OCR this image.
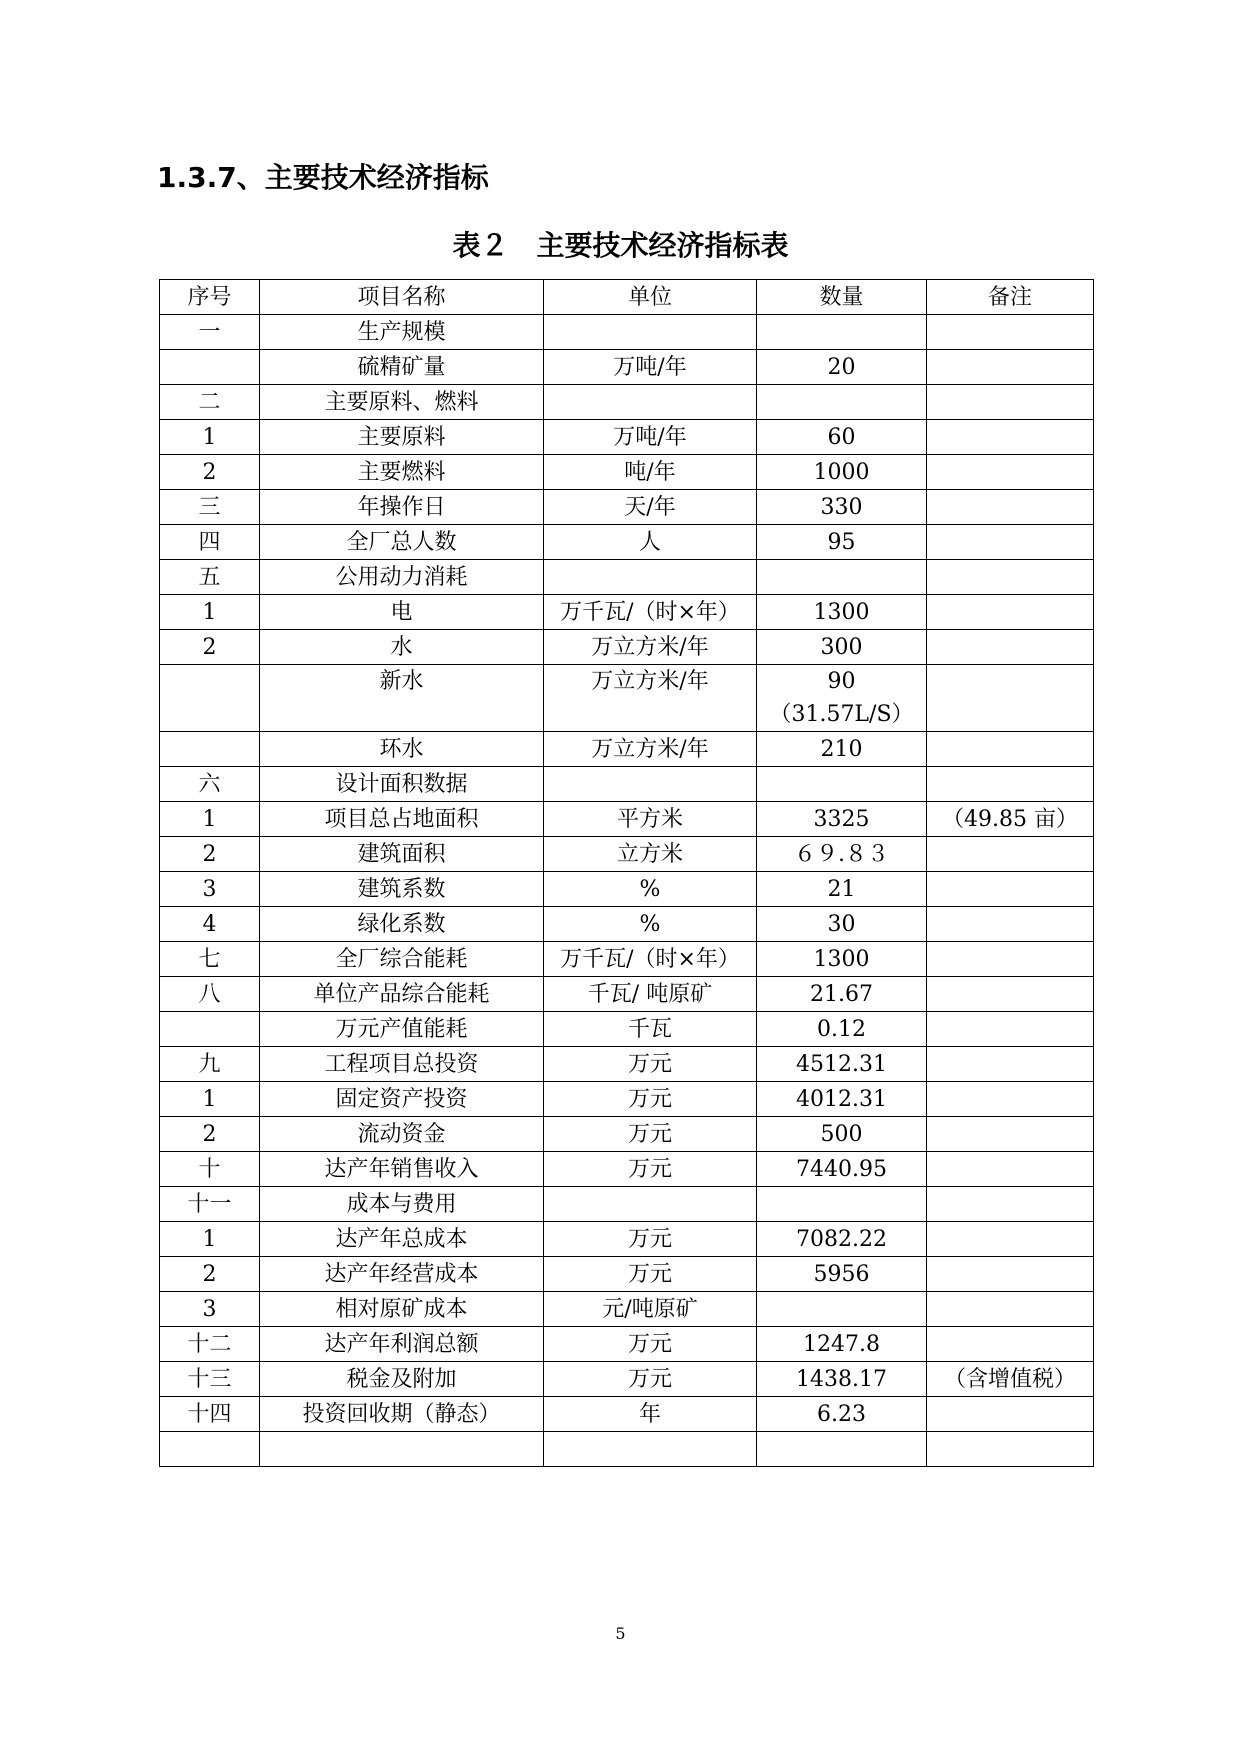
1.3.7、主要技术经济指标
表２　主要技术经济指标表
序号	项目名称	单位	数量	备注
一	生产规模			
	硫精矿量	万吨/年	20	
二	主要原料、燃料			
1	主要原料	万吨/年	60	
2	主要燃料	吨/年	1000	
三	年操作日	天/年	330	
四	全厂总人数	人	95	
五	公用动力消耗			
1	电	万千瓦/（时×年）	1300	
2	水	万立方米/年	300	
	新水	万立方米/年	90
（31.57L/S）	

	环水	万立方米/年	210	
六	设计面积数据			
1	项目总占地面积	平方米	3325	（49.85 亩）
2	建筑面积	立方米	６９.８３	
3	建筑系数	%	21	
4	绿化系数	%	30	
七	全厂综合能耗	万千瓦/（时×年）	1300	
八	单位产品综合能耗	千瓦/ 吨原矿	21.67	
	万元产值能耗	千瓦	0.12	
九	工程项目总投资	万元	4512.31	
1	固定资产投资	万元	4012.31	
2	流动资金	万元	500	
十	达产年销售收入	万元	7440.95	
十一	成本与费用			
1	达产年总成本	万元	7082.22	
2	达产年经营成本	万元	5956	
3	相对原矿成本	元/吨原矿		
十二	达产年利润总额	万元	1247.8	
十三	税金及附加	万元	1438.17	（含增值税）
十四	投资回收期（静态）	年	6.23	

5
